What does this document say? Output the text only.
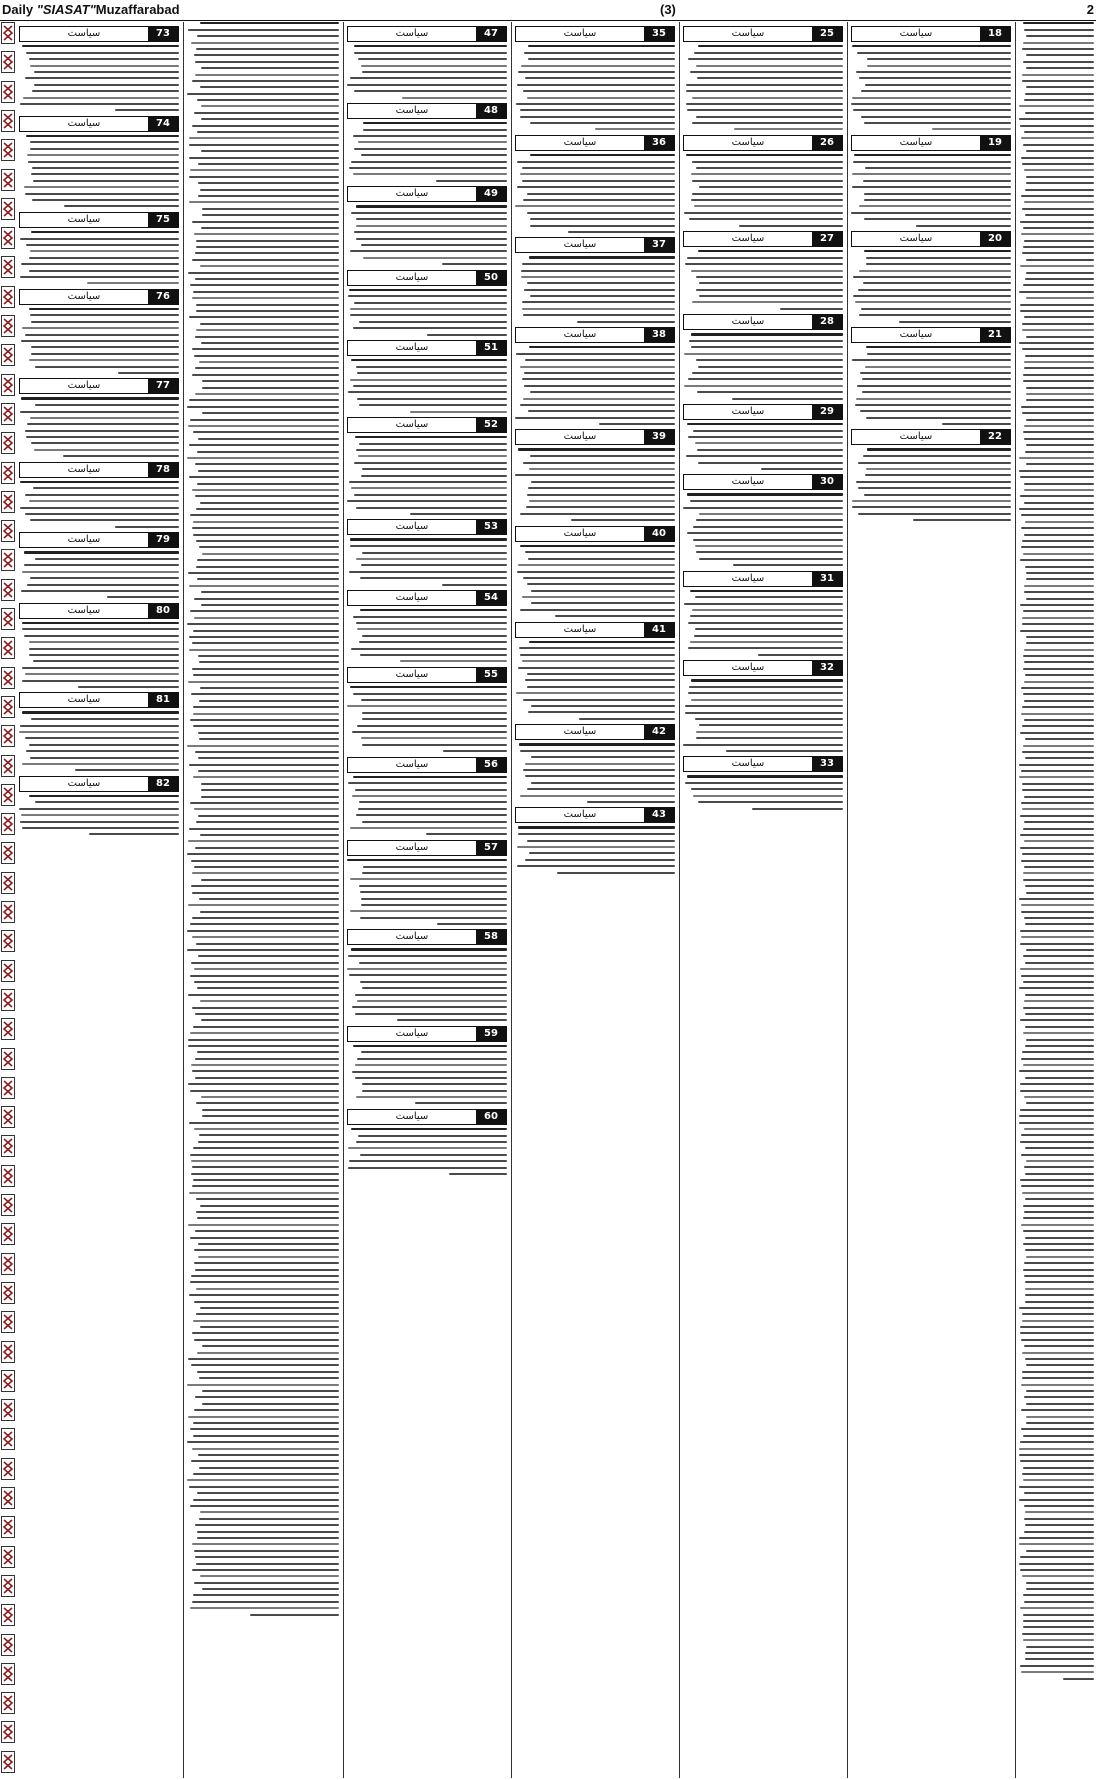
Daily "SIASAT"Muzaffarabad	(3)	2
سیاست	47
سیاست	48
سیاست	49
سیاست	50
سیاست	51
سیاست	52
سیاست	53
سیاست	54
سیاست	55
سیاست	56
سیاست	57
سیاست	58
سیاست	59
سیاست	60
سیاست	35
سیاست	36
سیاست	37
سیاست	38
سیاست	39
سیاست	40
سیاست	41
سیاست	42
سیاست	43
سیاست	25
سیاست	26
سیاست	27
سیاست	28
سیاست	29
سیاست	30
سیاست	31
سیاست	32
سیاست	33
سیاست	18
سیاست	19
سیاست	20
سیاست	21
سیاست	22
سیاست	73
سیاست	74
سیاست	75
سیاست	76
سیاست	77
سیاست	78
سیاست	79
سیاست	80
سیاست	81
سیاست	82
